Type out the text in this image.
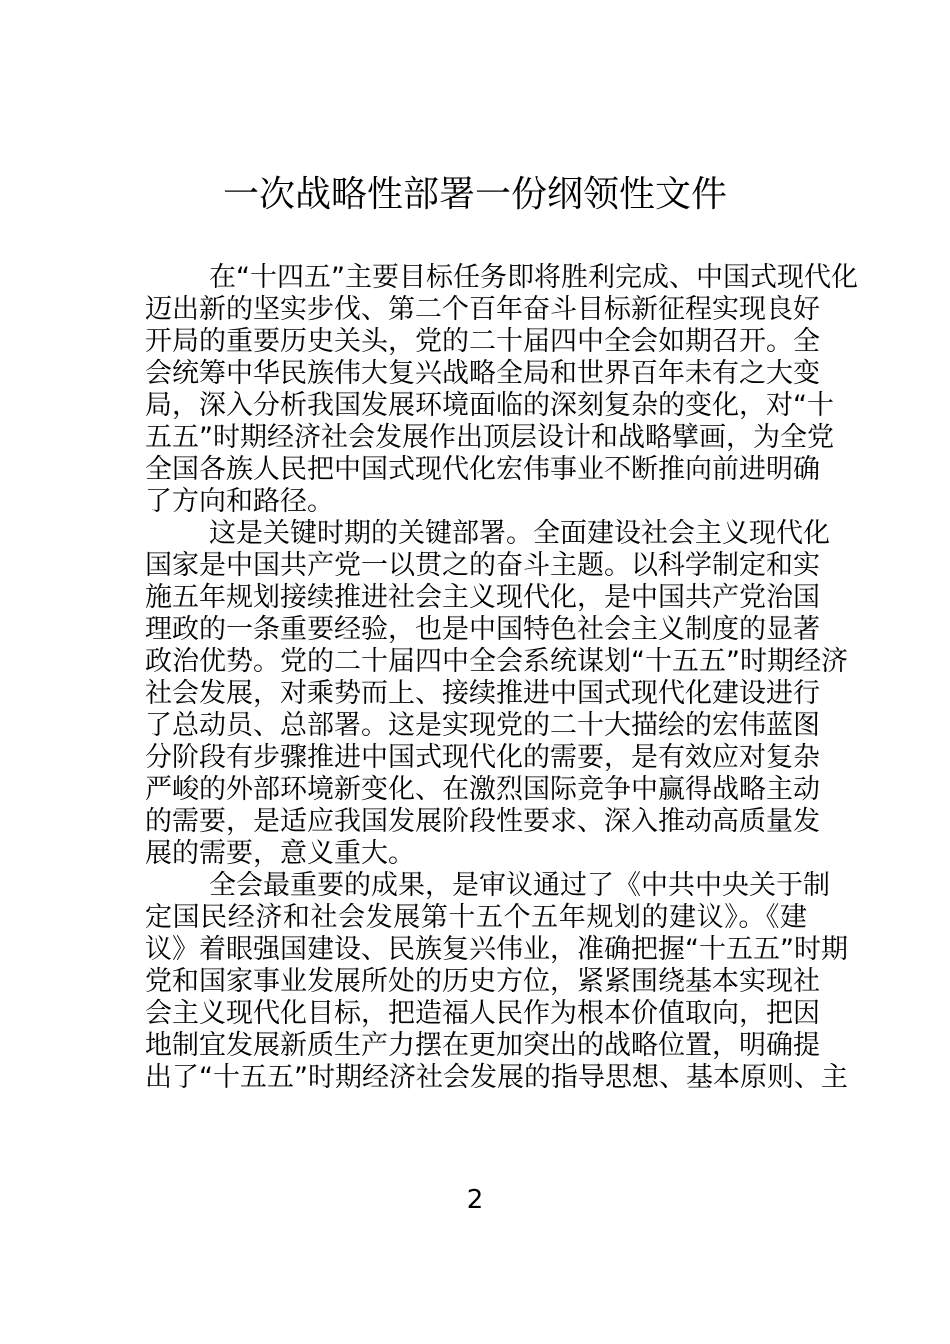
一次战略性部署一份纲领性文件
在“十四五”主要目标任务即将胜利完成、中国式现代化
迈出新的坚实步伐、第二个百年奋斗目标新征程实现良好
开局的重要历史关头，党的二十届四中全会如期召开。全
会统筹中华民族伟大复兴战略全局和世界百年未有之大变
局，深入分析我国发展环境面临的深刻复杂的变化，对“十
五五”时期经济社会发展作出顶层设计和战略擘画，为全党
全国各族人民把中国式现代化宏伟事业不断推向前进明确
了方向和路径。
这是关键时期的关键部署。全面建设社会主义现代化
国家是中国共产党一以贯之的奋斗主题。以科学制定和实
施五年规划接续推进社会主义现代化，是中国共产党治国
理政的一条重要经验，也是中国特色社会主义制度的显著
政治优势。党的二十届四中全会系统谋划“十五五”时期经济
社会发展，对乘势而上、接续推进中国式现代化建设进行
了总动员、总部署。这是实现党的二十大描绘的宏伟蓝图
分阶段有步骤推进中国式现代化的需要，是有效应对复杂
严峻的外部环境新变化、在激烈国际竞争中赢得战略主动
的需要，是适应我国发展阶段性要求、深入推动高质量发
展的需要，意义重大。
全会最重要的成果，是审议通过了《中共中央关于制
定国民经济和社会发展第十五个五年规划的建议》。《建
议》着眼强国建设、民族复兴伟业，准确把握“十五五”时期
党和国家事业发展所处的历史方位，紧紧围绕基本实现社
会主义现代化目标，把造福人民作为根本价值取向，把因
地制宜发展新质生产力摆在更加突出的战略位置，明确提
出了“十五五”时期经济社会发展的指导思想、基本原则、主
2
